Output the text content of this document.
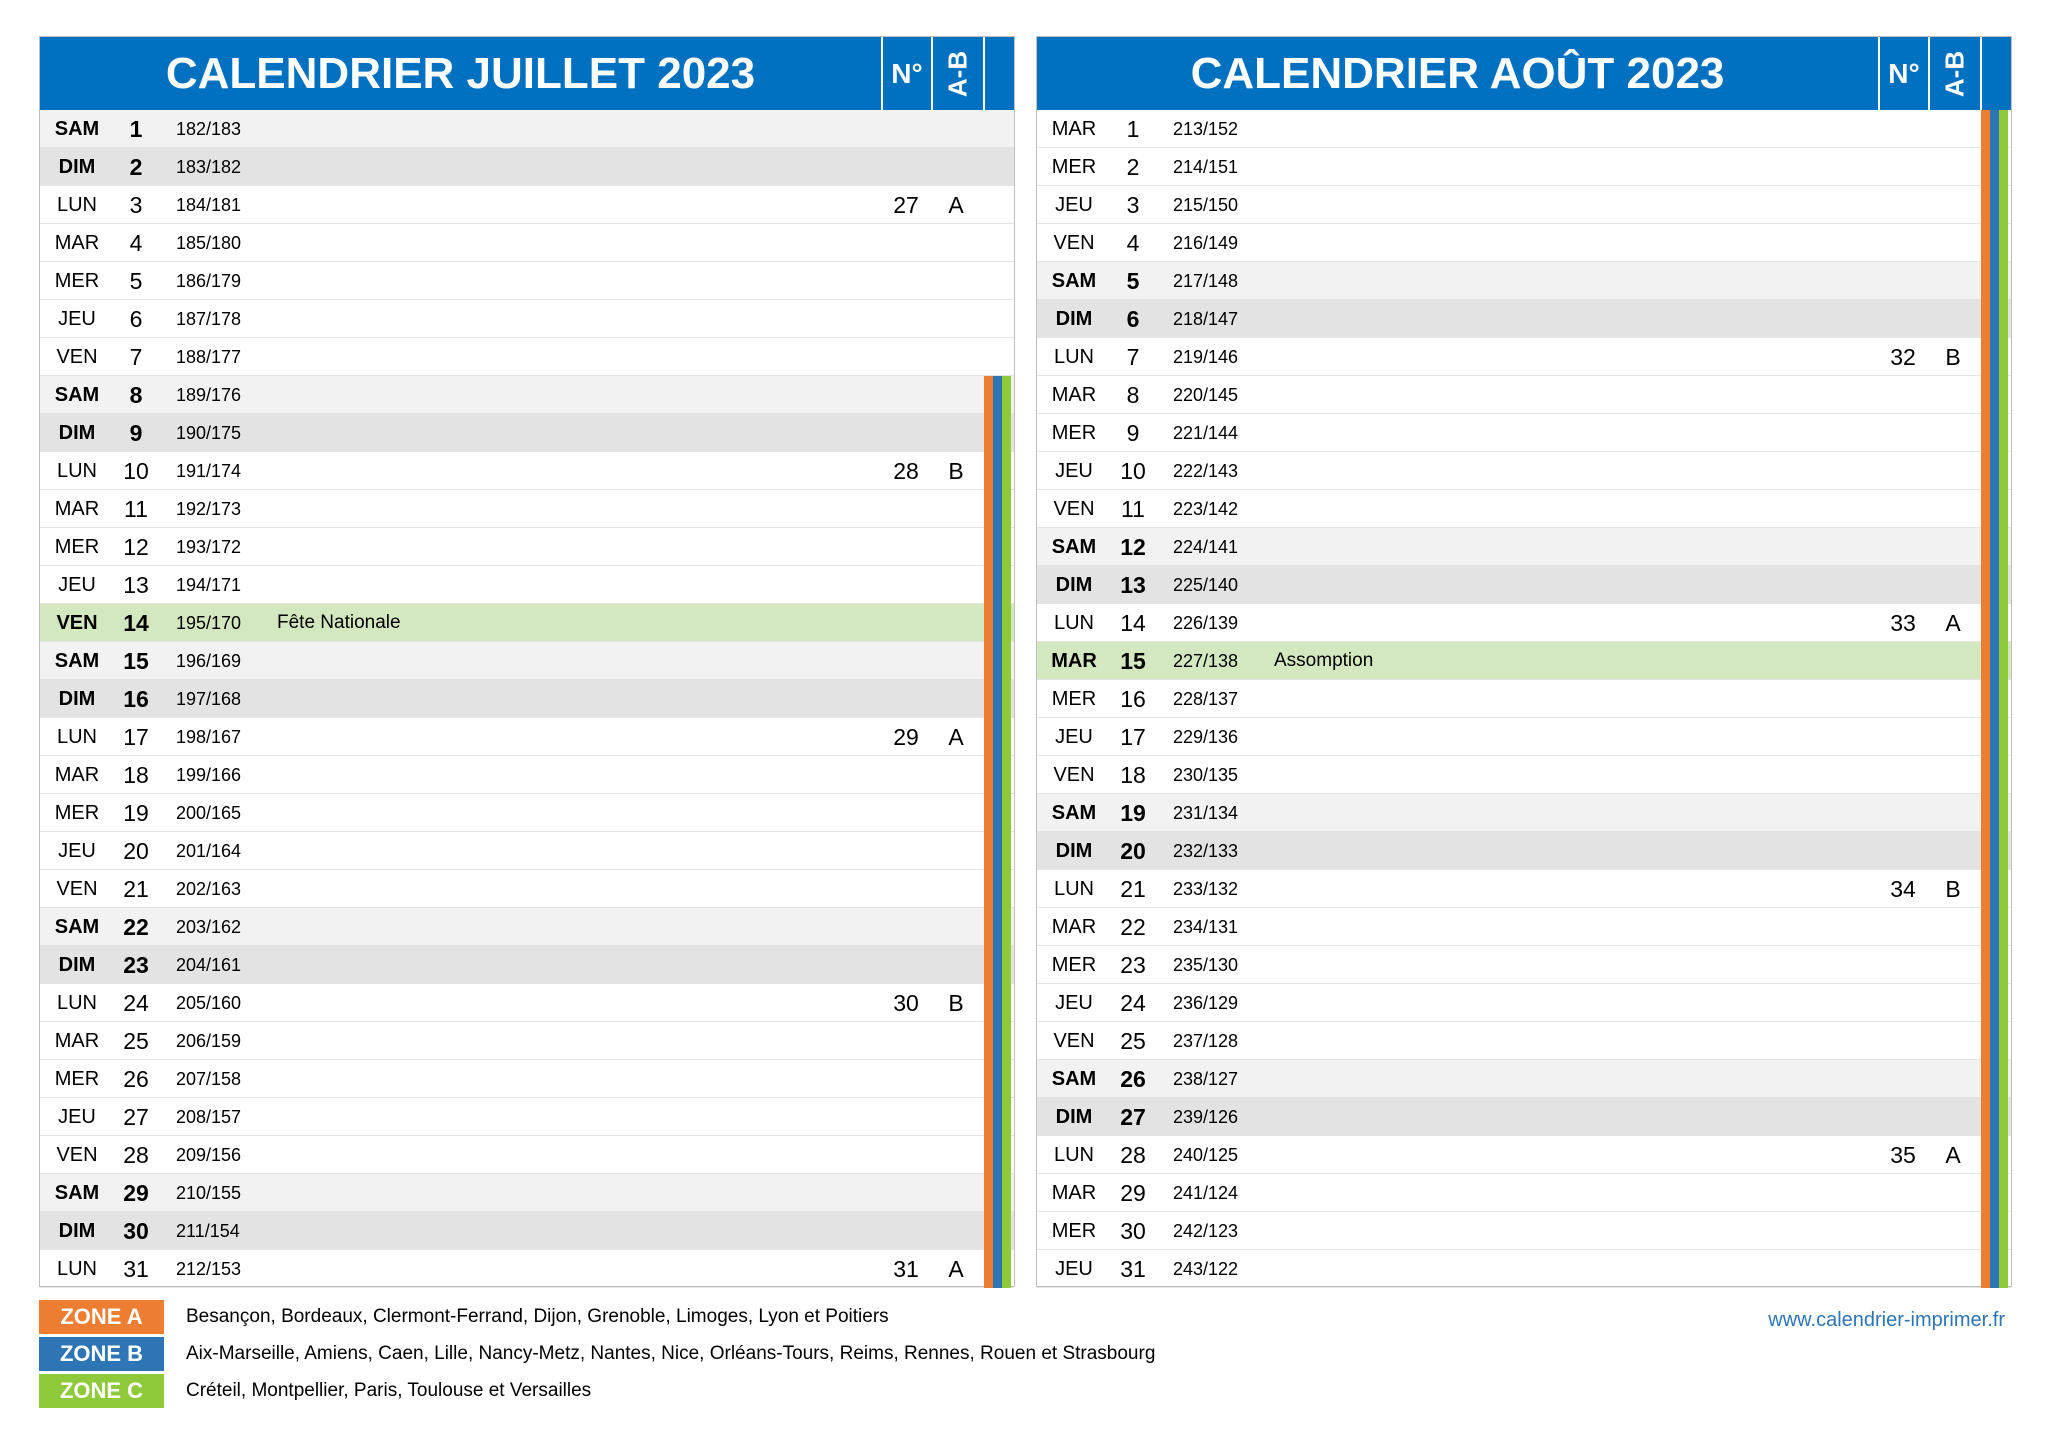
CALENDRIER JUILLET 2023	N° A-B
SAM	1	182/183
DIM	2	183/182
LUN	3	184/181	27	A
MAR	4	185/180
MER	5	186/179
JEU	6	187/178
VEN	7	188/177
SAM	8	189/176
DIM	9	190/175
LUN	10	191/174	28	B
MAR	11	192/173
MER	12	193/172
JEU	13	194/171
VEN	14	195/170 Fête Nationale
SAM	15	196/169
DIM	16	197/168
LUN	17	198/167	29	A
MAR	18	199/166
MER	19	200/165
JEU	20	201/164
VEN	21	202/163
SAM	22	203/162
DIM	23	204/161
LUN	24	205/160	30	B
MAR	25	206/159
MER	26	207/158
JEU	27	208/157
VEN	28	209/156
SAM	29	210/155
DIM	30	211/154
LUN	31	212/153	31	A
CALENDRIER AOÛT 2023	N° A-B
MAR	1	213/152
MER	2	214/151
JEU	3	215/150
VEN	4	216/149
SAM	5	217/148
DIM	6	218/147
LUN	7	219/146	32	B
MAR	8	220/145
MER	9	221/144
JEU	10	222/143
VEN	11	223/142
SAM	12	224/141
DIM	13	225/140
LUN	14	226/139	33	A
MAR	15	227/138 Assomption
MER	16	228/137
JEU	17	229/136
VEN	18	230/135
SAM	19	231/134
DIM	20	232/133
LUN	21	233/132	34	B
MAR	22	234/131
MER	23	235/130
JEU	24	236/129
VEN	25	237/128
SAM	26	238/127
DIM	27	239/126
LUN	28	240/125	35	A
MAR	29	241/124
MER	30	242/123
JEU	31	243/122
ZONE A	Besançon, Bordeaux, Clermont-Ferrand, Dijon, Grenoble, Limoges, Lyon et Poitiers
ZONE B	Aix-Marseille, Amiens, Caen, Lille, Nancy-Metz, Nantes, Nice, Orléans-Tours, Reims, Rennes, Rouen et Strasbourg
ZONE C	Créteil, Montpellier, Paris, Toulouse et Versailles
www.calendrier-imprimer.fr
